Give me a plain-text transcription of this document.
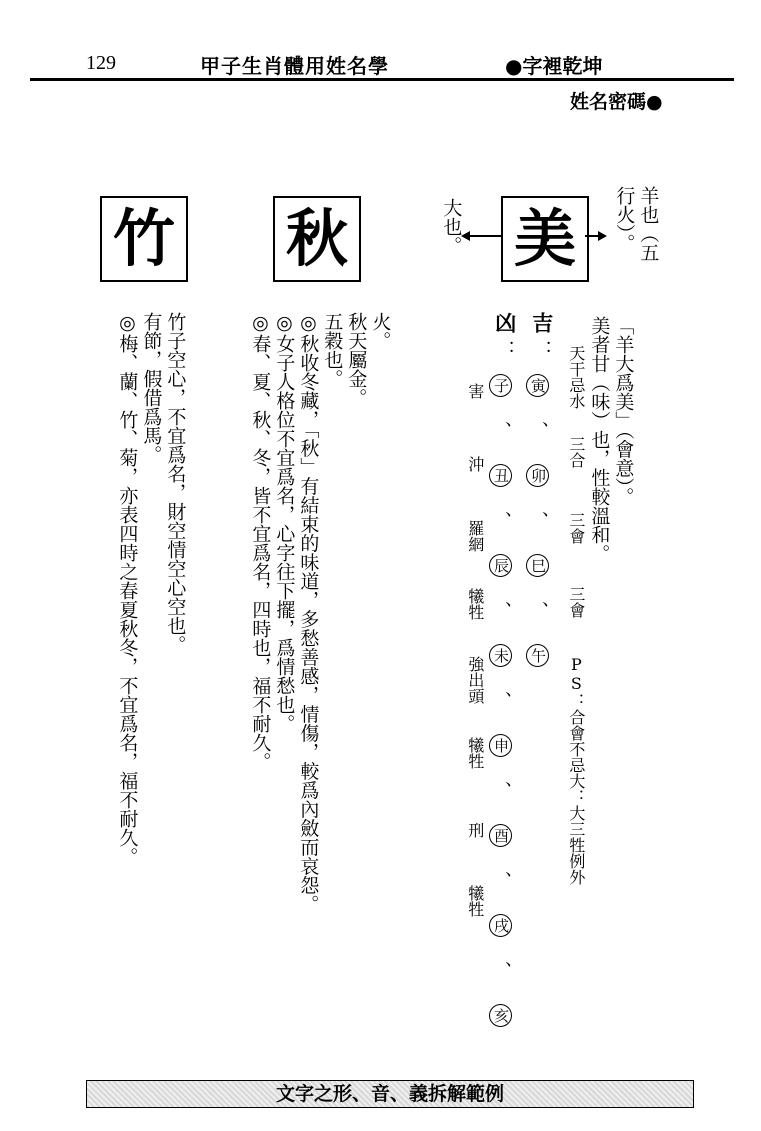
129	甲子生肖體用姓名學	●字裡乾坤
姓名密碼●
美
大也。	羊也（五
行火）。
「羊大爲美」（會意）。
美者甘（味）也，性較溫和。
天干忌水
三合
三會
三會
PS：合會不忌大：大三牲例外
吉
：
寅 、 卯 、 巳 、 午
凶
：
子 、 丑 、 辰 、 未 、 申 、 酉 、 戌 、 亥
害
沖
羅網
犧牲
強出頭
犧牲
刑
犧牲
秋
火。
秋天屬金。
五穀也。
◎秋收冬藏，「秋」有結束的味道，多愁善感，情傷，較爲內斂而哀怨。
◎女子人格位不宜爲名，心字往下擺，爲情愁也。
◎春、夏、秋、冬，皆不宜爲名，四時也，福不耐久。
竹
竹子空心，不宜爲名，財空情空心空也。
有節，假借爲馬。
◎梅、蘭、竹、菊，亦表四時之春夏秋冬，不宜爲名，福不耐久。
文字之形、音、義拆解範例
